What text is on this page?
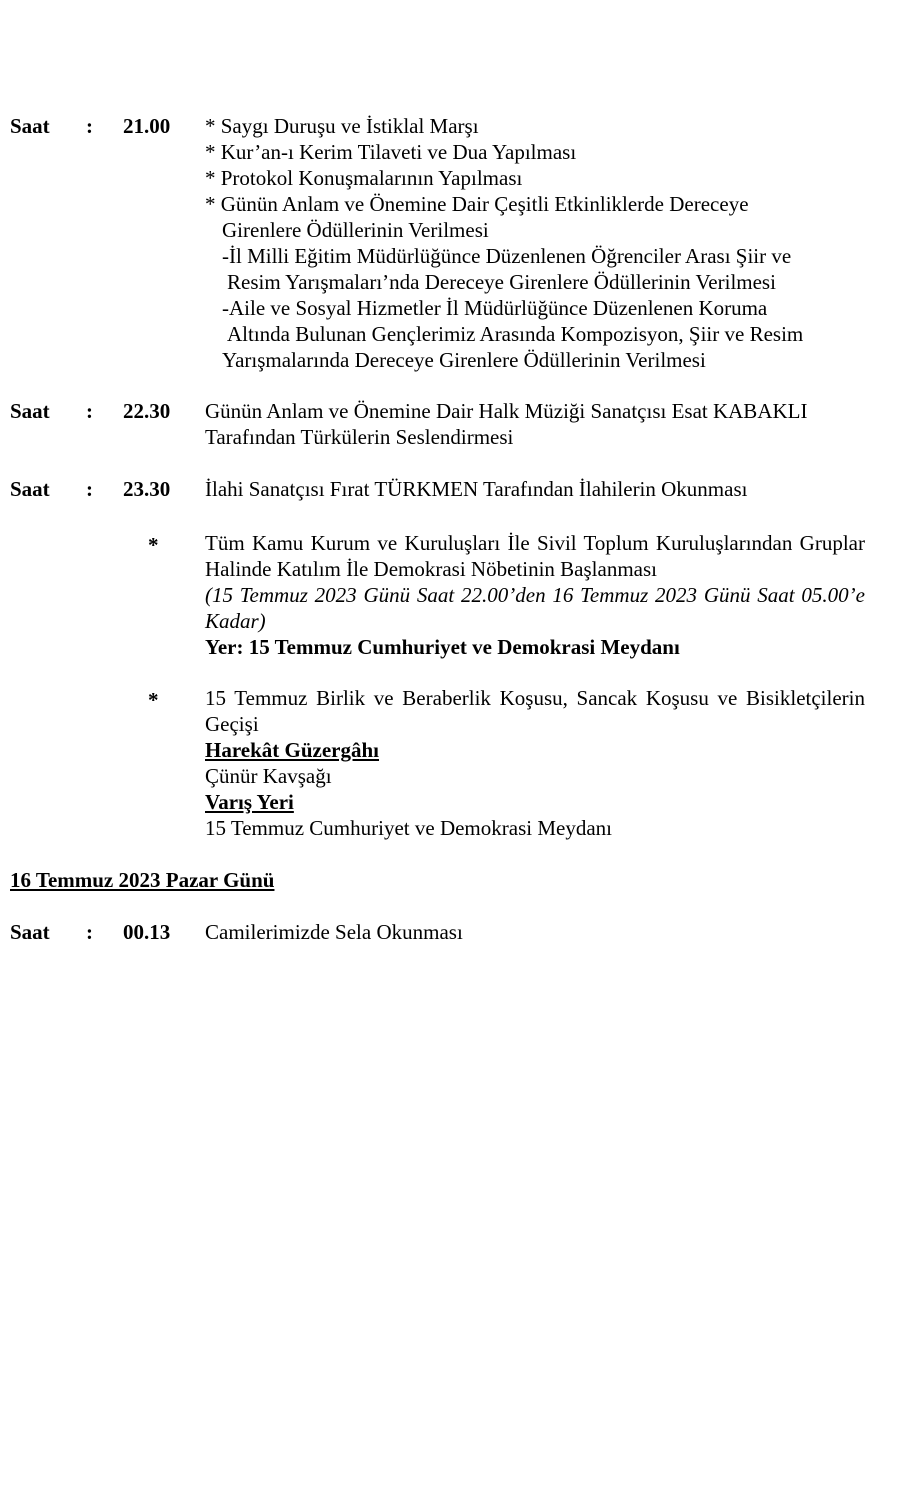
Saat : 21.00 * Saygı Duruşu ve İstiklal Marşı
* Kur’an-ı Kerim Tilaveti ve Dua Yapılması
* Protokol Konuşmalarının Yapılması
* Günün Anlam ve Önemine Dair Çeşitli Etkinliklerde Dereceye
Girenlere Ödüllerinin Verilmesi
-İl Milli Eğitim Müdürlüğünce Düzenlenen Öğrenciler Arası Şiir ve
Resim Yarışmaları’nda Dereceye Girenlere Ödüllerinin Verilmesi
-Aile ve Sosyal Hizmetler İl Müdürlüğünce Düzenlenen Koruma
Altında Bulunan Gençlerimiz Arasında Kompozisyon, Şiir ve Resim
Yarışmalarında Dereceye Girenlere Ödüllerinin Verilmesi
Saat : 22.30 Günün Anlam ve Önemine Dair Halk Müziği Sanatçısı Esat KABAKLI
Tarafından Türkülerin Seslendirmesi
Saat : 23.30 İlahi Sanatçısı Fırat TÜRKMEN Tarafından İlahilerin Okunması
* Tüm Kamu Kurum ve Kuruluşları İle Sivil Toplum Kuruluşlarından Gruplar Halinde Katılım İle Demokrasi Nöbetinin Başlanması
(15 Temmuz 2023 Günü Saat 22.00’den 16 Temmuz 2023 Günü Saat 05.00’e Kadar)
Yer: 15 Temmuz Cumhuriyet ve Demokrasi Meydanı
* 15 Temmuz Birlik ve Beraberlik Koşusu, Sancak Koşusu ve Bisikletçilerin Geçişi
Harekât Güzergâhı
Çünür Kavşağı
Varış Yeri
15 Temmuz Cumhuriyet ve Demokrasi Meydanı
16 Temmuz 2023 Pazar Günü
Saat : 00.13 Camilerimizde Sela Okunması
